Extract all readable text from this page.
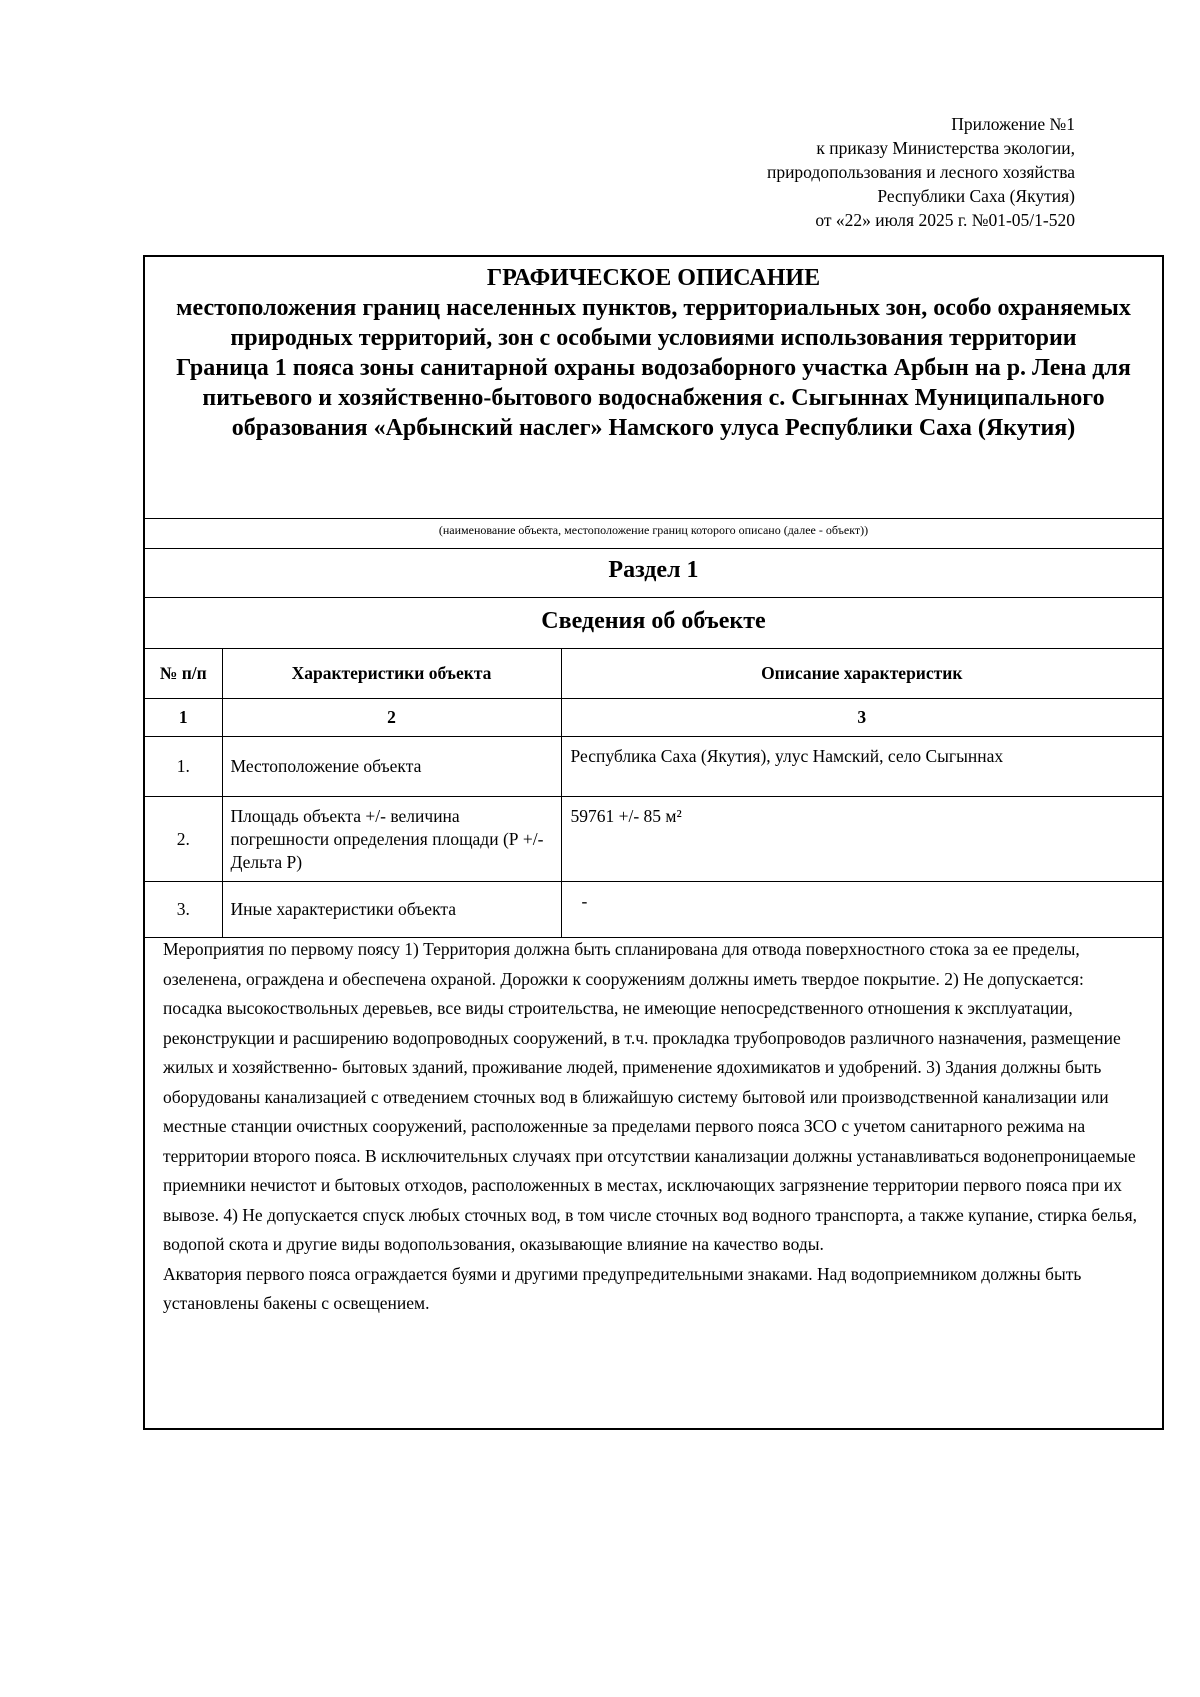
Приложение №1
к приказу Министерства экологии,
природопользования и лесного хозяйства
Республики Саха (Якутия)
от «22» июля 2025 г. №01-05/1-520
ГРАФИЧЕСКОЕ ОПИСАНИЕ
местоположения границ населенных пунктов, территориальных зон, особо охраняемых природных территорий, зон с особыми условиями использования территории
Граница 1 пояса зоны санитарной охраны водозаборного участка Арбын на р. Лена для питьевого и хозяйственно-бытового водоснабжения с. Сыгыннах Муниципального образования «Арбынский наслег» Намского улуса Республики Саха (Якутия)
(наименование объекта, местоположение границ которого описано (далее - объект))
Раздел 1
Сведения об объекте
№ п/п	Характеристики объекта	Описание характеристик
1	2	3
1.	Местоположение объекта	Республика Саха (Якутия), улус Намский, село Сыгыннах
2.	Площадь объекта +/- величина погрешности определения площади (Р +/- Дельта Р)	59761 +/- 85 м²
3.	Иные характеристики объекта	-

Мероприятия по первому поясу 1) Территория должна быть спланирована для отвода поверхностного стока за ее пределы, озеленена, ограждена и обеспечена охраной. Дорожки к сооружениям должны иметь твердое покрытие. 2) Не допускается: посадка высокоствольных деревьев, все виды строительства, не имеющие непосредственного отношения к эксплуатации, реконструкции и расширению водопроводных сооружений, в т.ч. прокладка трубопроводов различного назначения, размещение жилых и хозяйственно- бытовых зданий, проживание людей, применение ядохимикатов и удобрений. 3) Здания должны быть

оборудованы канализацией с отведением сточных вод в ближайшую систему бытовой или производственной канализации или местные станции очистных сооружений, расположенные за пределами первого пояса ЗСО с учетом санитарного режима на территории второго пояса. В исключительных случаях при отсутствии канализации должны устанавливаться водонепроницаемые приемники нечистот и бытовых отходов, расположенных в местах, исключающих загрязнение территории первого пояса при их вывозе. 4) Не допускается спуск любых сточных вод, в том числе сточных вод водного транспорта, а также купание, стирка белья, водопой скота и другие виды водопользования, оказывающие влияние на качество воды.

Акватория первого пояса ограждается буями и другими предупредительными знаками. Над водоприемником должны быть установлены бакены с освещением.
